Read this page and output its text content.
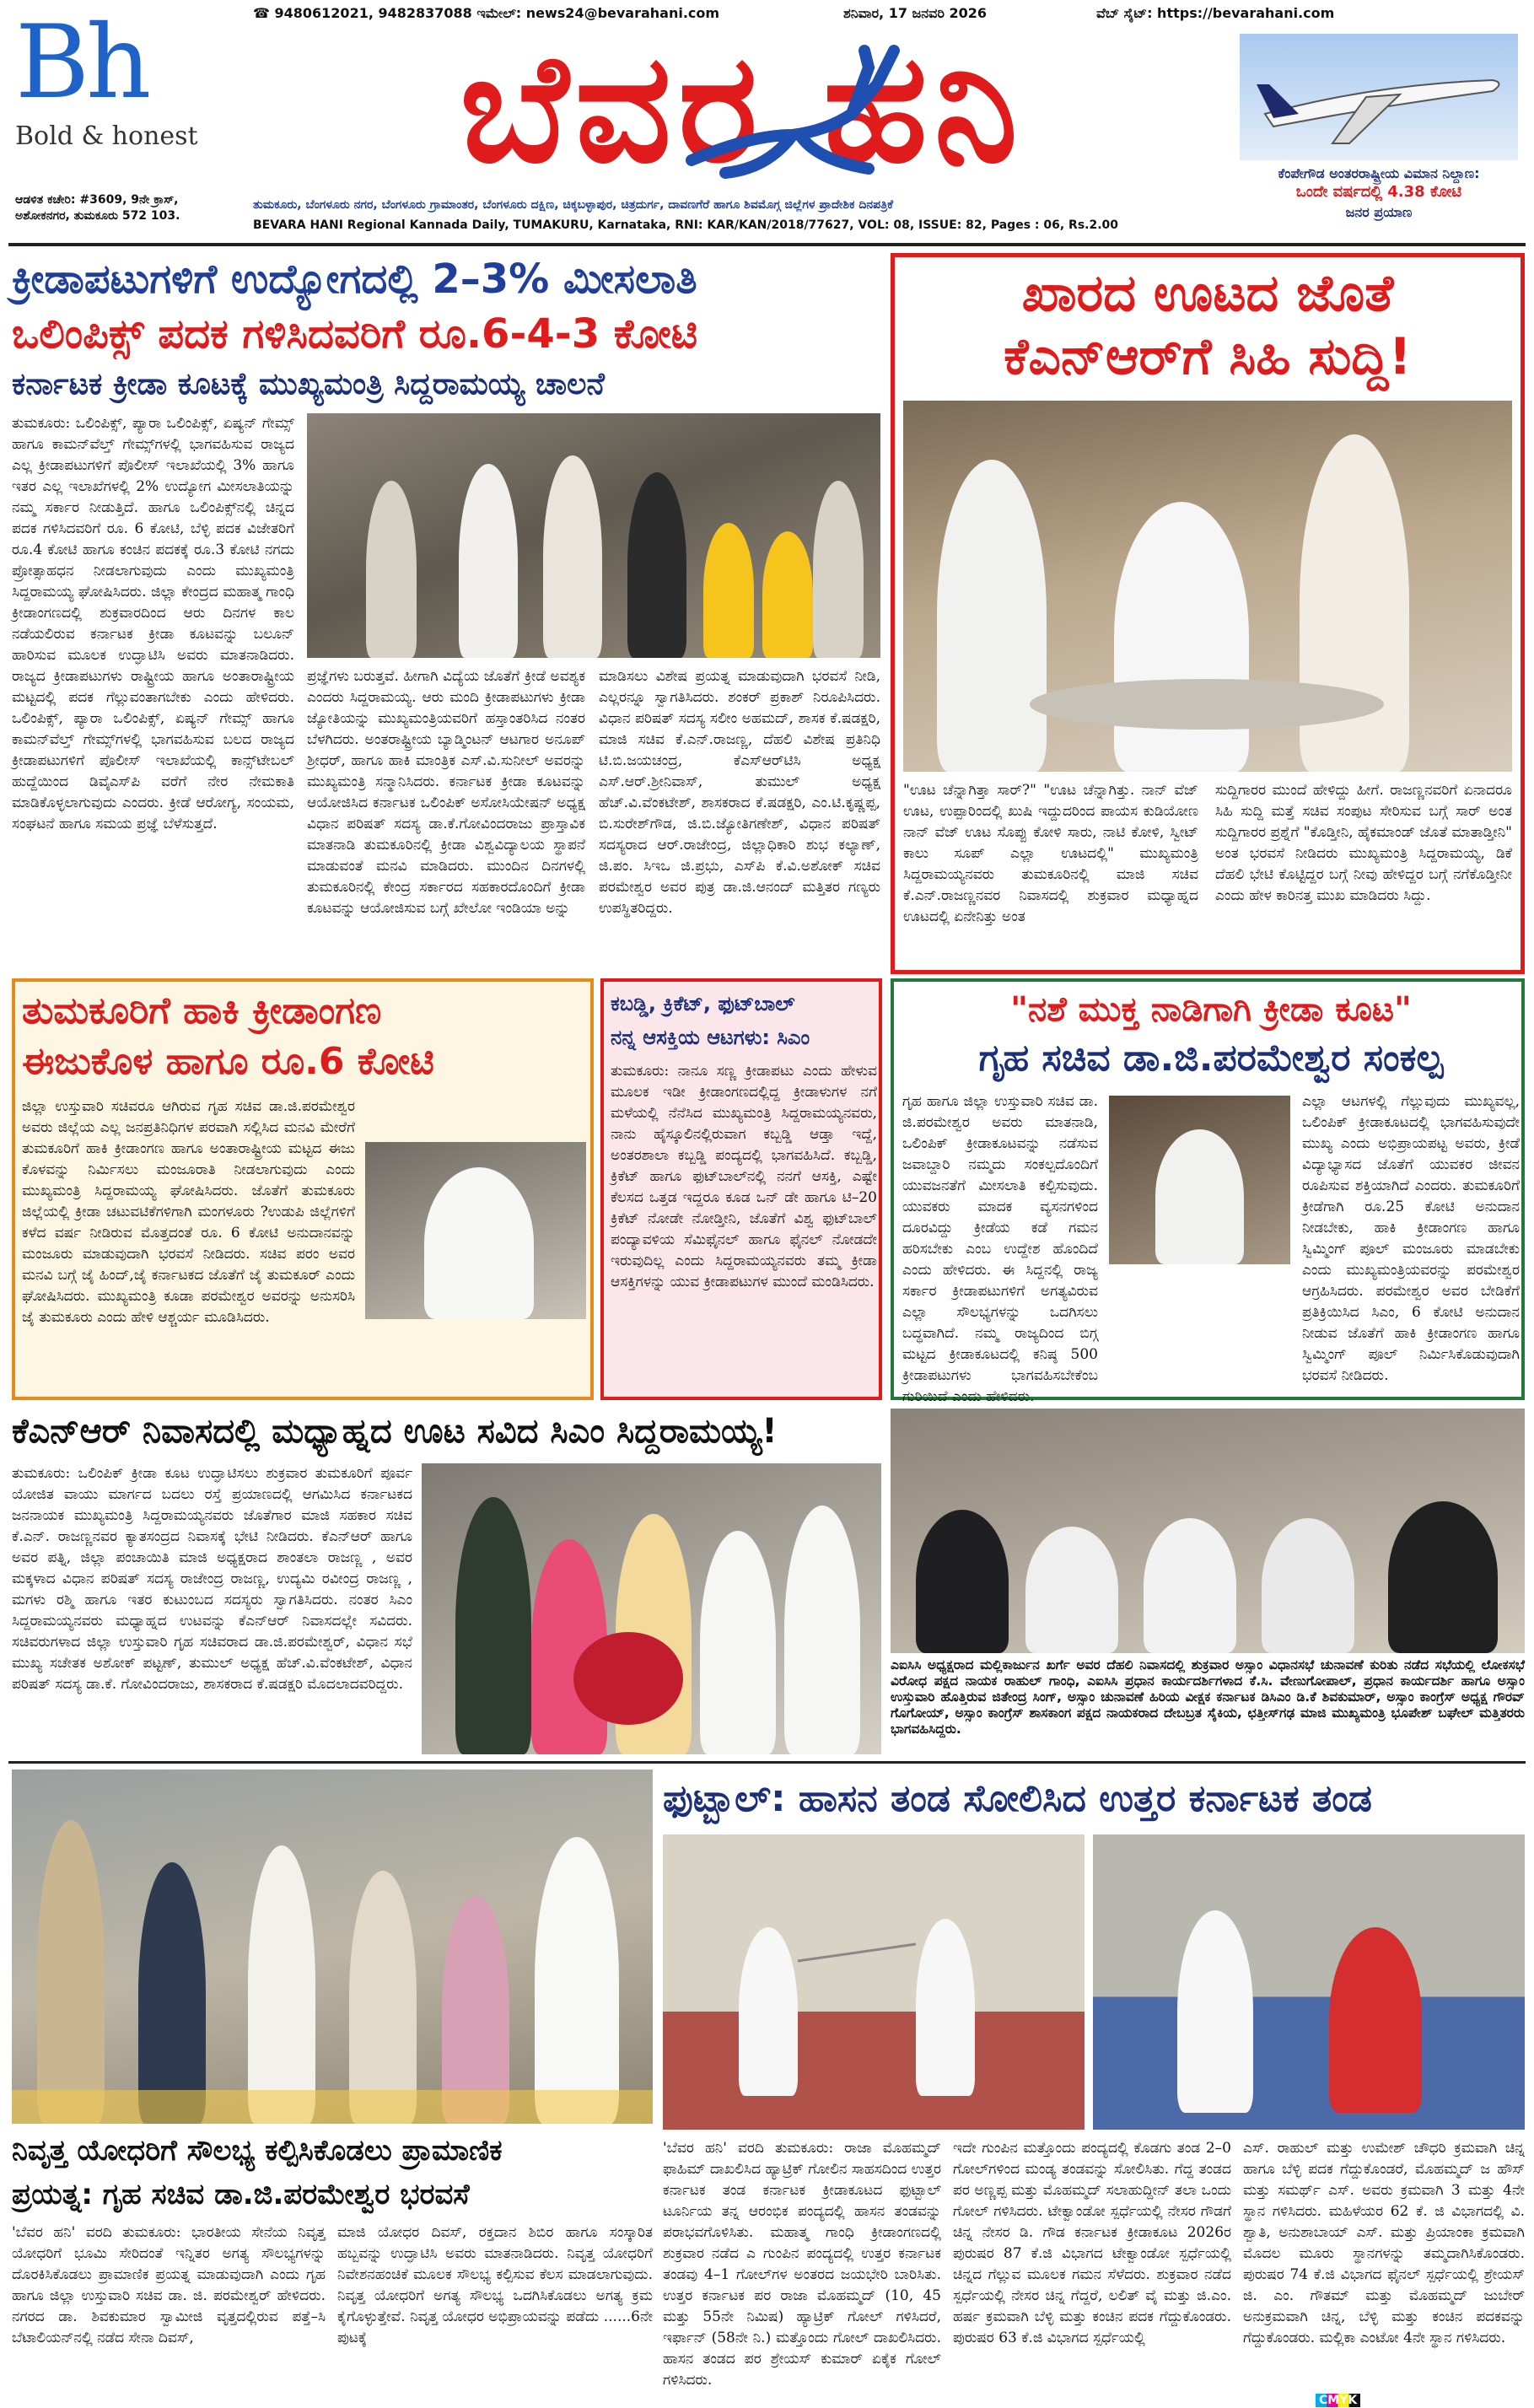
Bh
Bold & honest
☎ 9480612021, 9482837088 ಇಮೇಲ್: news24@bevarahani.com	ಶನಿವಾರ, 17 ಜನವರಿ 2026	ವೆಬ್ ಸೈಟ್: https://bevarahani.com
ಬೆವರ ಹನಿ	ಕೆಂಪೇಗೌಡ ಅಂತರರಾಷ್ಟ್ರೀಯ ವಿಮಾನ ನಿಲ್ದಾಣ:
ಒಂದೇ ವರ್ಷದಲ್ಲಿ 4.38 ಕೋಟಿ
ಜನರ ಪ್ರಯಾಣ
ಆಡಳಿತ ಕಚೇರಿ: #3609, 9ನೇ ಕ್ರಾಸ್, ಅಶೋಕನಗರ, ತುಮಕೂರು 572 103.
ತುಮಕೂರು, ಬೆಂಗಳೂರು ನಗರ, ಬೆಂಗಳೂರು ಗ್ರಾಮಾಂತರ, ಬೆಂಗಳೂರು ದಕ್ಷಿಣ, ಚಿಕ್ಕಬಳ್ಳಾಪುರ, ಚಿತ್ರದುರ್ಗ, ದಾವಣಗೆರೆ ಹಾಗೂ ಶಿವಮೊಗ್ಗ ಜಿಲ್ಲೆಗಳ ಪ್ರಾದೇಶಿಕ ದಿನಪತ್ರಿಕೆ
BEVARA HANI Regional Kannada Daily, TUMAKURU, Karnataka, RNI: KAR/KAN/2018/77627, VOL: 08, ISSUE: 82, Pages : 06, Rs.2.00
ಕ್ರೀಡಾಪಟುಗಳಿಗೆ ಉದ್ಯೋಗದಲ್ಲಿ 2–3% ಮೀಸಲಾತಿ
ಒಲಿಂಪಿಕ್ಸ್ ಪದಕ ಗಳಿಸಿದವರಿಗೆ ರೂ.6-4-3 ಕೋಟಿ
ಕರ್ನಾಟಕ ಕ್ರೀಡಾ ಕೂಟಕ್ಕೆ ಮುಖ್ಯಮಂತ್ರಿ ಸಿದ್ದರಾಮಯ್ಯ ಚಾಲನೆ
ತುಮಕೂರು: ಒಲಿಂಪಿಕ್ಸ್, ಪ್ಯಾರಾ ಒಲಿಂಪಿಕ್ಸ್, ಏಷ್ಯನ್ ಗೇಮ್ಸ್ ಹಾಗೂ ಕಾಮನ್‌ವೆಲ್ತ್ ಗೇಮ್ಸ್‌ಗಳಲ್ಲಿ ಭಾಗವಹಿಸುವ ರಾಜ್ಯದ ಎಲ್ಲ ಕ್ರೀಡಾಪಟುಗಳಿಗೆ ಪೊಲೀಸ್ ಇಲಾಖೆಯಲ್ಲಿ 3% ಹಾಗೂ ಇತರ ಎಲ್ಲ ಇಲಾಖೆಗಳಲ್ಲಿ 2% ಉದ್ಯೋಗ ಮೀಸಲಾತಿಯನ್ನು ನಮ್ಮ ಸರ್ಕಾರ ನೀಡುತ್ತಿದೆ. ಹಾಗೂ ಒಲಿಂಪಿಕ್ಸ್‌ನಲ್ಲಿ ಚಿನ್ನದ ಪದಕ ಗಳಿಸಿದವರಿಗೆ ರೂ. 6 ಕೋಟಿ, ಬೆಳ್ಳಿ ಪದಕ ವಿಜೇತರಿಗೆ ರೂ.4 ಕೋಟಿ ಹಾಗೂ ಕಂಚಿನ ಪದಕಕ್ಕೆ ರೂ.3 ಕೋಟಿ ನಗದು ಪ್ರೋತ್ಸಾಹಧನ ನೀಡಲಾಗುವುದು ಎಂದು ಮುಖ್ಯಮಂತ್ರಿ ಸಿದ್ದರಾಮಯ್ಯ ಘೋಷಿಸಿದರು. ಜಿಲ್ಲಾ ಕೇಂದ್ರದ ಮಹಾತ್ಮ ಗಾಂಧಿ ಕ್ರೀಡಾಂಗಣದಲ್ಲಿ ಶುಕ್ರವಾರದಿಂದ ಆರು ದಿನಗಳ ಕಾಲ ನಡೆಯಲಿರುವ ಕರ್ನಾಟಕ ಕ್ರೀಡಾ ಕೂಟವನ್ನು ಬಲೂನ್ ಹಾರಿಸುವ ಮೂಲಕ ಉದ್ಘಾಟಿಸಿ ಅವರು ಮಾತನಾಡಿದರು. ರಾಜ್ಯದ ಕ್ರೀಡಾಪಟುಗಳು ರಾಷ್ಟ್ರೀಯ ಹಾಗೂ ಅಂತಾರಾಷ್ಟ್ರೀಯ ಮಟ್ಟದಲ್ಲಿ ಪದಕ ಗೆಲ್ಲುವಂತಾಗಬೇಕು ಎಂದು ಹೇಳಿದರು. ಒಲಿಂಪಿಕ್ಸ್, ಪ್ಯಾರಾ ಒಲಿಂಪಿಕ್ಸ್, ಏಷ್ಯನ್ ಗೇಮ್ಸ್ ಹಾಗೂ ಕಾಮನ್‌ವೆಲ್ತ್ ಗೇಮ್ಸ್‌ಗಳಲ್ಲಿ ಭಾಗವಹಿಸುವ ಬಲದ ರಾಜ್ಯದ ಕ್ರೀಡಾಪಟುಗಳಿಗೆ ಪೊಲೀಸ್ ಇಲಾಖೆಯಲ್ಲಿ ಕಾನ್ಸ್‌ಟೇಬಲ್ ಹುದ್ದೆಯಿಂದ ಡಿವೈಎಸ್‌ಪಿ ವರೆಗೆ ನೇರ ನೇಮಕಾತಿ ಮಾಡಿಕೊಳ್ಳಲಾಗುವುದು ಎಂದರು. ಕ್ರೀಡೆ ಆರೋಗ್ಯ, ಸಂಯಮ, ಸಂಘಟನೆ ಹಾಗೂ ಸಮಯ ಪ್ರಜ್ಞೆ ಬೆಳೆಸುತ್ತದೆ.
ಪ್ರಜ್ಞೆಗಳು ಬರುತ್ತವೆ. ಹೀಗಾಗಿ ವಿದ್ಯೆಯ ಜೊತೆಗೆ ಕ್ರೀಡೆ ಅವಶ್ಯಕ ಎಂದರು ಸಿದ್ದರಾಮಯ್ಯ. ಆರು ಮಂದಿ ಕ್ರೀಡಾಪಟುಗಳು ಕ್ರೀಡಾ ಜ್ಯೋತಿಯನ್ನು ಮುಖ್ಯಮಂತ್ರಿಯವರಿಗೆ ಹಸ್ತಾಂತರಿಸಿದ ನಂತರ ಬೆಳಗಿದರು. ಅಂತರಾಷ್ಟ್ರೀಯ ಬ್ಯಾಡ್ಮಿಂಟನ್ ಆಟಗಾರ ಅನೂಪ್ ಶ್ರೀಧರ್, ಹಾಗೂ ಹಾಕಿ ಮಾಂತ್ರಿಕ ಎಸ್.ವಿ.ಸುನೀಲ್ ಅವರನ್ನು ಮುಖ್ಯಮಂತ್ರಿ ಸನ್ಮಾನಿಸಿದರು. ಕರ್ನಾಟಕ ಕ್ರೀಡಾ ಕೂಟವನ್ನು ಆಯೋಜಿಸಿದ ಕರ್ನಾಟಕ ಒಲಿಂಪಿಕ್ ಅಸೋಸಿಯೇಷನ್ ಅಧ್ಯಕ್ಷ ವಿಧಾನ ಪರಿಷತ್ ಸದಸ್ಯ ಡಾ.ಕೆ.ಗೋವಿಂದರಾಜು ಪ್ರಾಸ್ತಾವಿಕ ಮಾತನಾಡಿ ತುಮಕೂರಿನಲ್ಲಿ ಕ್ರೀಡಾ ವಿಶ್ವವಿದ್ಯಾಲಯ ಸ್ಥಾಪನೆ ಮಾಡುವಂತೆ ಮನವಿ ಮಾಡಿದರು. ಮುಂದಿನ ದಿನಗಳಲ್ಲಿ ತುಮಕೂರಿನಲ್ಲಿ ಕೇಂದ್ರ ಸರ್ಕಾರದ ಸಹಕಾರದೊಂದಿಗೆ ಕ್ರೀಡಾ ಕೂಟವನ್ನು ಆಯೋಜಿಸುವ ಬಗ್ಗೆ ಖೇಲೋ ಇಂಡಿಯಾ ಅನ್ನು
ಮಾಡಿಸಲು ವಿಶೇಷ ಪ್ರಯತ್ನ ಮಾಡುವುದಾಗಿ ಭರವಸೆ ನೀಡಿ, ಎಲ್ಲರನ್ನೂ ಸ್ವಾಗತಿಸಿದರು. ಶಂಕರ್ ಪ್ರಕಾಶ್ ನಿರೂಪಿಸಿದರು. ವಿಧಾನ ಪರಿಷತ್ ಸದಸ್ಯ ಸಲೀಂ ಅಹಮದ್, ಶಾಸಕ ಕೆ.ಷಡಕ್ಷರಿ, ಮಾಜಿ ಸಚಿವ ಕೆ.ಎನ್.ರಾಜಣ್ಣ, ದೆಹಲಿ ವಿಶೇಷ ಪ್ರತಿನಿಧಿ ಟಿ.ಬಿ.ಜಯಚಂದ್ರ, ಕೆಎಸ್‌ಆರ್‌ಟಿಸಿ ಅಧ್ಯಕ್ಷ ಎಸ್.ಆರ್.ಶ್ರೀನಿವಾಸ್, ತುಮುಲ್ ಅಧ್ಯಕ್ಷ ಹೆಚ್.ವಿ.ವೆಂಕಟೇಶ್, ಶಾಸಕರಾದ ಕೆ.ಷಡಕ್ಷರಿ, ಎಂ.ಟಿ.ಕೃಷ್ಣಪ್ಪ, ಬಿ.ಸುರೇಶ್‌ಗೌಡ, ಜಿ.ಬಿ.ಜ್ಯೋತಿಗಣೇಶ್, ವಿಧಾನ ಪರಿಷತ್ ಸದಸ್ಯರಾದ ಆರ್.ರಾಜೇಂದ್ರ, ಜಿಲ್ಲಾಧಿಕಾರಿ ಶುಭ ಕಲ್ಯಾಣ್, ಜಿ.ಪಂ. ಸಿಇಒ ಜಿ.ಪ್ರಭು, ಎಸ್‌ಪಿ ಕೆ.ವಿ.ಅಶೋಕ್ ಸಚಿವ ಪರಮೇಶ್ವರ ಅವರ ಪುತ್ರ ಡಾ.ಜಿ.ಆನಂದ್ ಮತ್ತಿತರ ಗಣ್ಯರು ಉಪಸ್ಥಿತರಿದ್ದರು.
ಖಾರದ ಊಟದ ಜೊತೆ
ಕೆಎನ್‌ಆರ್‌ಗೆ ಸಿಹಿ ಸುದ್ದಿ!
"ಊಟ ಚೆನ್ನಾಗಿತ್ತಾ ಸಾರ್?" "ಊಟ ಚೆನ್ನಾಗಿತ್ತು. ನಾನ್ ವೆಜ್ ಊಟ, ಉಪ್ಪಾರಿಂದಲ್ಲಿ ಖುಷಿ ಇದ್ದುದರಿಂದ ಪಾಯಸ ಕುಡಿಯೋಣ ನಾನ್ ವೆಜ್ ಊಟ ಸೊಪ್ಪು ಕೋಳಿ ಸಾರು, ನಾಟಿ ಕೋಳಿ, ಸ್ವೀಟ್ ಕಾಲು ಸೂಪ್ ಎಲ್ಲಾ ಊಟದಲ್ಲಿ" ಮುಖ್ಯಮಂತ್ರಿ ಸಿದ್ದರಾಮಯ್ಯನವರು ತುಮಕೂರಿನಲ್ಲಿ ಮಾಜಿ ಸಚಿವ ಕೆ.ಎನ್.ರಾಜಣ್ಣನವರ ನಿವಾಸದಲ್ಲಿ ಶುಕ್ರವಾರ ಮಧ್ಯಾಹ್ನದ ಊಟದಲ್ಲಿ ಏನೇನಿತ್ತು ಅಂತ
ಸುದ್ದಿಗಾರರ ಮುಂದೆ ಹೇಳಿದ್ದು ಹೀಗೆ. ರಾಜಣ್ಣನವರಿಗೆ ಏನಾದರೂ ಸಿಹಿ ಸುದ್ದಿ ಮತ್ತೆ ಸಚಿವ ಸಂಪುಟ ಸೇರಿಸುವ ಬಗ್ಗೆ ಸಾರ್ ಅಂತ ಸುದ್ದಿಗಾರರ ಪ್ರಶ್ನೆಗೆ "ಕೊಡ್ತೀನಿ, ಹೈಕಮಾಂಡ್ ಜೊತೆ ಮಾತಾಡ್ತೀನಿ" ಅಂತ ಭರವಸೆ ನೀಡಿದರು ಮುಖ್ಯಮಂತ್ರಿ ಸಿದ್ದರಾಮಯ್ಯ, ಡಿಕೆ ದೆಹಲಿ ಭೇಟಿ ಕೊಟ್ಟಿದ್ದರ ಬಗ್ಗೆ ನೀವು ಹೇಳಿದ್ದರ ಬಗ್ಗೆ ನಗೆಕೊಡ್ತೀನೀ ಎಂದು ಹೇಳ ಕಾರಿನತ್ತ ಮುಖ ಮಾಡಿದರು ಸಿದ್ದು.
ತುಮಕೂರಿಗೆ ಹಾಕಿ ಕ್ರೀಡಾಂಗಣ
ಈಜುಕೊಳ ಹಾಗೂ ರೂ.6 ಕೋಟಿ
ಜಿಲ್ಲಾ ಉಸ್ತುವಾರಿ ಸಚಿವರೂ ಆಗಿರುವ ಗೃಹ ಸಚಿವ ಡಾ.ಜಿ.ಪರಮೇಶ್ವರ ಅವರು ಜಿಲ್ಲೆಯ ಎಲ್ಲ ಜನಪ್ರತಿನಿಧಿಗಳ ಪರವಾಗಿ ಸಲ್ಲಿಸಿದ ಮನವಿ ಮೇರೆಗೆ ತುಮಕೂರಿಗೆ ಹಾಕಿ ಕ್ರೀಡಾಂಗಣ ಹಾಗೂ ಅಂತಾರಾಷ್ಟ್ರೀಯ ಮಟ್ಟದ ಈಜು ಕೊಳವನ್ನು ನಿರ್ಮಿಸಲು ಮಂಜೂರಾತಿ ನೀಡಲಾಗುವುದು ಎಂದು ಮುಖ್ಯಮಂತ್ರಿ ಸಿದ್ದರಾಮಯ್ಯ ಘೋಷಿಸಿದರು. ಜೊತೆಗೆ ತುಮಕೂರು ಜಿಲ್ಲೆಯಲ್ಲಿ ಕ್ರೀಡಾ ಚಟುವಟಿಕೆಗಳಿಗಾಗಿ ಮಂಗಳೂರು ?ಉಡುಪಿ ಜಿಲ್ಲೆಗಳಿಗೆ ಕಳೆದ ವರ್ಷ ನೀಡಿರುವ ಮೊತ್ತದಂತೆ ರೂ. 6 ಕೋಟಿ ಅನುದಾನವನ್ನು ಮಂಜೂರು ಮಾಡುವುದಾಗಿ ಭರವಸೆ ನೀಡಿದರು. ಸಚಿವ ಪರಂ ಅವರ ಮನವಿ ಬಗ್ಗೆ ಜೈ ಹಿಂದ್,ಜೈ ಕರ್ನಾಟಕದ ಜೊತೆಗೆ ಜೈ ತುಮಕೂರ್ ಎಂದು ಘೋಷಿಸಿದರು. ಮುಖ್ಯಮಂತ್ರಿ ಕೂಡಾ ಪರಮೇಶ್ವರ ಅವರನ್ನು ಅನುಸರಿಸಿ ಜೈ ತುಮಕೂರು ಎಂದು ಹೇಳಿ ಆಶ್ಚರ್ಯ ಮೂಡಿಸಿದರು.
ಕಬಡ್ಡಿ, ಕ್ರಿಕೆಟ್, ಫುಟ್‌ಬಾಲ್
ನನ್ನ ಆಸಕ್ತಿಯ ಆಟಗಳು: ಸಿಎಂ
ತುಮಕೂರು: ನಾನೂ ಸಣ್ಣ ಕ್ರೀಡಾಪಟು ಎಂದು ಹೇಳುವ ಮೂಲಕ ಇಡೀ ಕ್ರೀಡಾಂಗಣದಲ್ಲಿದ್ದ ಕ್ರೀಡಾಳುಗಳ ನಗೆ ಮಳೆಯಲ್ಲಿ ನೆನೆಸಿದ ಮುಖ್ಯಮಂತ್ರಿ ಸಿದ್ದರಾಮಯ್ಯನವರು, ನಾನು ಹೈಸ್ಕೂಲಿನಲ್ಲಿರುವಾಗ ಕಬ್ಬಡ್ಡಿ ಆಡ್ತಾ ಇದ್ದೆ, ಅಂತರಶಾಲಾ ಕಬ್ಬಡ್ಡಿ ಪಂದ್ಯದಲ್ಲಿ ಭಾಗವಹಿಸಿದೆ. ಕಬ್ಬಡ್ಡಿ, ಕ್ರಿಕೆಟ್ ಹಾಗೂ ಫುಟ್‌ಬಾಲ್‌ನಲ್ಲಿ ನನಗೆ ಆಸಕ್ತಿ, ಎಷ್ಟೇ ಕೆಲಸದ ಒತ್ತಡ ಇದ್ದರೂ ಕೂಡ ಒನ್ ಡೇ ಹಾಗೂ ಟಿ–20 ಕ್ರಿಕೆಟ್ ನೋಡೇ ನೋಡ್ತೀನಿ, ಜೊತೆಗೆ ವಿಶ್ವ ಫುಟ್‌ಬಾಲ್ ಪಂದ್ಯಾವಳಿಯ ಸೆಮಿಫೈನಲ್ ಹಾಗೂ ಫೈನಲ್ ನೋಡದೇ ಇರುವುದಿಲ್ಲ ಎಂದು ಸಿದ್ದರಾಮಯ್ಯನವರು ತಮ್ಮ ಕ್ರೀಡಾ ಆಸಕ್ತಿಗಳನ್ನು ಯುವ ಕ್ರೀಡಾಪಟುಗಳ ಮುಂದೆ ಮಂಡಿಸಿದರು.
"ನಶೆ ಮುಕ್ತ ನಾಡಿಗಾಗಿ ಕ್ರೀಡಾ ಕೂಟ"
ಗೃಹ ಸಚಿವ ಡಾ.ಜಿ.ಪರಮೇಶ್ವರ ಸಂಕಲ್ಪ
ಗೃಹ ಹಾಗೂ ಜಿಲ್ಲಾ ಉಸ್ತುವಾರಿ ಸಚಿವ ಡಾ. ಜಿ.ಪರಮೇಶ್ವರ ಅವರು ಮಾತನಾಡಿ, ಒಲಿಂಪಿಕ್ ಕ್ರೀಡಾಕೂಟವನ್ನು ನಡೆಸುವ ಜವಾಬ್ದಾರಿ ನಮ್ಮದು ಸಂಕಲ್ಪದೊಂದಿಗೆ ಯುವಜನತೆಗೆ ಮೀಸಲಾತಿ ಕಲ್ಪಿಸುವುದು. ಯುವಕರು ಮಾದಕ ವ್ಯಸನಗಳಿಂದ ದೂರವಿದ್ದು ಕ್ರೀಡೆಯ ಕಡೆ ಗಮನ ಹರಿಸಬೇಕು ಎಂಬ ಉದ್ದೇಶ ಹೊಂದಿದೆ ಎಂದು ಹೇಳಿದರು. ಈ ಸಿದ್ದನಲ್ಲಿ ರಾಜ್ಯ ಸರ್ಕಾರ ಕ್ರೀಡಾಪಟುಗಳಿಗೆ ಅಗತ್ಯವಿರುವ ಎಲ್ಲಾ ಸೌಲಭ್ಯಗಳನ್ನು ಒದಗಿಸಲು ಬದ್ಧವಾಗಿದೆ. ನಮ್ಮ ರಾಜ್ಯದಿಂದ ಬಿಗ್ಗ ಮಟ್ಟದ ಕ್ರೀಡಾಕೂಟದಲ್ಲಿ ಕನಿಷ್ಠ 500 ಕ್ರೀಡಾಪಟುಗಳು ಭಾಗವಹಿಸಬೇಕೆಂಬ ಗುರಿಯಿದೆ ಎಂದು ಹೇಳಿದರು.
ಎಲ್ಲಾ ಆಟಗಳಲ್ಲಿ ಗೆಲ್ಲುವುದು ಮುಖ್ಯವಲ್ಲ, ಒಲಿಂಪಿಕ್ ಕ್ರೀಡಾಕೂಟದಲ್ಲಿ ಭಾಗವಹಿಸುವುದೇ ಮುಖ್ಯ ಎಂದು ಅಭಿಪ್ರಾಯಪಟ್ಟ ಅವರು, ಕ್ರೀಡೆ ವಿದ್ಯಾಭ್ಯಾಸದ ಜೊತೆಗೆ ಯುವಕರ ಜೀವನ ರೂಪಿಸುವ ಶಕ್ತಿಯಾಗಿದೆ ಎಂದರು. ತುಮಕೂರಿಗೆ ಕ್ರೀಡೆಗಾಗಿ ರೂ.25 ಕೋಟಿ ಅನುದಾನ ನೀಡಬೇಕು, ಹಾಕಿ ಕ್ರೀಡಾಂಗಣ ಹಾಗೂ ಸ್ವಿಮ್ಮಿಂಗ್ ಪೂಲ್ ಮಂಜೂರು ಮಾಡಬೇಕು ಎಂದು ಮುಖ್ಯಮಂತ್ರಿಯವರನ್ನು ಪರಮೇಶ್ವರ ಆಗ್ರಹಿಸಿದರು. ಪರಮೇಶ್ವರ ಅವರ ಬೇಡಿಕೆಗೆ ಪ್ರತಿಕ್ರಿಯಿಸಿದ ಸಿಎಂ, 6 ಕೋಟಿ ಅನುದಾನ ನೀಡುವ ಜೊತೆಗೆ ಹಾಕಿ ಕ್ರೀಡಾಂಗಣ ಹಾಗೂ ಸ್ವಿಮ್ಮಿಂಗ್ ಪೂಲ್ ನಿರ್ಮಿಸಿಕೊಡುವುದಾಗಿ ಭರವಸೆ ನೀಡಿದರು.
ಕೆಎನ್‌ಆರ್ ನಿವಾಸದಲ್ಲಿ ಮಧ್ಯಾಹ್ನದ ಊಟ ಸವಿದ ಸಿಎಂ ಸಿದ್ದರಾಮಯ್ಯ!
ತುಮಕೂರು: ಒಲಿಂಪಿಕ್ ಕ್ರೀಡಾ ಕೂಟ ಉದ್ಘಾಟಿಸಲು ಶುಕ್ರವಾರ ತುಮಕೂರಿಗೆ ಪೂರ್ವ ಯೋಜಿತ ವಾಯು ಮಾರ್ಗದ ಬದಲು ರಸ್ತೆ ಪ್ರಯಾಣದಲ್ಲಿ ಆಗಮಿಸಿದ ಕರ್ನಾಟಕದ ಜನನಾಯಕ ಮುಖ್ಯಮಂತ್ರಿ ಸಿದ್ದರಾಮಯ್ಯನವರು ಜೊತೆಗಾರ ಮಾಜಿ ಸಹಕಾರ ಸಚಿವ ಕೆ.ಎನ್. ರಾಜಣ್ಣನವರ ಕ್ಯಾತಸಂದ್ರದ ನಿವಾಸಕ್ಕೆ ಭೇಟಿ ನೀಡಿದರು. ಕೆಎನ್‌ಆರ್ ಹಾಗೂ ಅವರ ಪತ್ನಿ, ಜಿಲ್ಲಾ ಪಂಚಾಯಿತಿ ಮಾಜಿ ಅಧ್ಯಕ್ಷರಾದ ಶಾಂತಲಾ ರಾಜಣ್ಣ , ಅವರ ಮಕ್ಕಳಾದ ವಿಧಾನ ಪರಿಷತ್ ಸದಸ್ಯ ರಾಜೇಂದ್ರ ರಾಜಣ್ಣ, ಉದ್ಯಮಿ ರವೀಂದ್ರ ರಾಜಣ್ಣ , ಮಗಳು ರಶ್ಮಿ ಹಾಗೂ ಇತರ ಕುಟುಂಬದ ಸದಸ್ಯರು ಸ್ವಾಗತಿಸಿದರು. ನಂತರ ಸಿಎಂ ಸಿದ್ದರಾಮಯ್ಯನವರು ಮಧ್ಯಾಹ್ನದ ಉಟವನ್ನು ಕೆಎನ್‌ಆರ್ ನಿವಾಸದಲ್ಲೇ ಸವಿದರು. ಸಚಿವರುಗಳಾದ ಜಿಲ್ಲಾ ಉಸ್ತುವಾರಿ ಗೃಹ ಸಚಿವರಾದ ಡಾ.ಜಿ.ಪರಮೇಶ್ವರ್, ವಿಧಾನ ಸಭೆ ಮುಖ್ಯ ಸಚೇತಕ ಅಶೋಕ್ ಪಟ್ಟಣ್, ತುಮುಲ್ ಅಧ್ಯಕ್ಷ ಹೆಚ್.ವಿ.ವೆಂಕಟೇಶ್, ವಿಧಾನ ಪರಿಷತ್ ಸದಸ್ಯ ಡಾ.ಕೆ. ಗೋವಿಂದರಾಜು, ಶಾಸಕರಾದ ಕೆ.ಷಡಕ್ಷರಿ ಮೊದಲಾದವರಿದ್ದರು.
ಎಐಸಿಸಿ ಅಧ್ಯಕ್ಷರಾದ ಮಲ್ಲಿಕಾರ್ಜುನ ಖರ್ಗೆ ಅವರ ದೆಹಲಿ ನಿವಾಸದಲ್ಲಿ ಶುಕ್ರವಾರ ಅಸ್ಸಾಂ ವಿಧಾನಸಭೆ ಚುನಾವಣೆ ಕುರಿತು ನಡೆದ ಸಭೆಯಲ್ಲಿ ಲೋಕಸಭೆ ವಿರೋಧ ಪಕ್ಷದ ನಾಯಕ ರಾಹುಲ್ ಗಾಂಧಿ, ಎಐಸಿಸಿ ಪ್ರಧಾನ ಕಾರ್ಯದರ್ಶಿಗಳಾದ ಕೆ.ಸಿ. ವೇಣುಗೋಪಾಲ್, ಪ್ರಧಾನ ಕಾರ್ಯದರ್ಶಿ ಹಾಗೂ ಅಸ್ಸಾಂ ಉಸ್ತುವಾರಿ ಹೊತ್ತಿರುವ ಜಿತೇಂದ್ರ ಸಿಂಗ್, ಅಸ್ಸಾಂ ಚುನಾವಣೆ ಹಿರಿಯ ವೀಕ್ಷಕ ಕರ್ನಾಟಕ ಡಿಸಿಎಂ ಡಿ.ಕೆ ಶಿವಕುಮಾರ್, ಅಸ್ಸಾಂ ಕಾಂಗ್ರೆಸ್ ಅಧ್ಯಕ್ಷ ಗೌರವ್ ಗೊಗೋಯ್, ಅಸ್ಸಾಂ ಕಾಂಗ್ರೆಸ್ ಶಾಸಕಾಂಗ ಪಕ್ಷದ ನಾಯಕರಾದ ದೇಬಬ್ರತ ಸೈಕಿಯ, ಛತ್ತೀಸ್‌ಗಢ ಮಾಜಿ ಮುಖ್ಯಮಂತ್ರಿ ಭೂಪೇಶ್ ಬಘೇಲ್ ಮತ್ತಿತರರು ಭಾಗವಹಿಸಿದ್ದರು.
ನಿವೃತ್ತ ಯೋಧರಿಗೆ ಸೌಲಭ್ಯ ಕಲ್ಪಿಸಿಕೊಡಲು ಪ್ರಾಮಾಣಿಕ
ಪ್ರಯತ್ನ: ಗೃಹ ಸಚಿವ ಡಾ.ಜಿ.ಪರಮೇಶ್ವರ ಭರವಸೆ
'ಬೆವರ ಹನಿ' ವರದಿ ತುಮಕೂರು: ಭಾರತೀಯ ಸೇನೆಯ ನಿವೃತ್ತ ಯೋಧರಿಗೆ ಭೂಮಿ ಸೇರಿದಂತೆ ಇನ್ನಿತರ ಅಗತ್ಯ ಸೌಲಭ್ಯಗಳನ್ನು ದೊರಕಿಸಿಕೊಡಲು ಪ್ರಾಮಾಣಿಕ ಪ್ರಯತ್ನ ಮಾಡುವುದಾಗಿ ಎಂದು ಗೃಹ ಹಾಗೂ ಜಿಲ್ಲಾ ಉಸ್ತುವಾರಿ ಸಚಿವ ಡಾ. ಜಿ. ಪರಮೇಶ್ವರ್ ಹೇಳಿದರು. ನಗರದ ಡಾ. ಶಿವಕುಮಾರ ಸ್ವಾಮೀಜಿ ವೃತ್ತದಲ್ಲಿರುವ ಪತ್ತೆ–ಸಿ ಬೆಟಾಲಿಯನ್‌ನಲ್ಲಿ ನಡೆದ ಸೇನಾ ದಿವಸ್,
ಮಾಜಿ ಯೋಧರ ದಿವಸ್, ರಕ್ತದಾನ ಶಿಬಿರ ಹಾಗೂ ಸಂಸ್ಕಾರಿತ ಹಬ್ಬವನ್ನು ಉದ್ಘಾಟಿಸಿ ಅವರು ಮಾತನಾಡಿದರು. ನಿವೃತ್ತ ಯೋಧರಿಗೆ ನಿವೇಶನಹಂಚಿಕೆ ಮೂಲಕ ಸೌಲಭ್ಯ ಕಲ್ಪಿಸುವ ಕೆಲಸ ಮಾಡಲಾಗುವುದು. ನಿವೃತ್ತ ಯೋಧರಿಗೆ ಅಗತ್ಯ ಸೌಲಭ್ಯ ಒದಗಿಸಿಕೊಡಲು ಅಗತ್ಯ ಕ್ರಮ ಕೈಗೊಳ್ಳುತ್ತೇವೆ. ನಿವೃತ್ತ ಯೋಧರ ಅಭಿಪ್ರಾಯವನ್ನು ಪಡೆದು ......6ನೇ ಪುಟಕ್ಕೆ
ಫುಟ್ಬಾಲ್: ಹಾಸನ ತಂಡ ಸೋಲಿಸಿದ ಉತ್ತರ ಕರ್ನಾಟಕ ತಂಡ
'ಬೆವರ ಹನಿ' ವರದಿ ತುಮಕೂರು: ರಾಜಾ ಮೊಹಮ್ಮದ್ ಫಾಹಿಮ್ ದಾಖಲಿಸಿದ ಹ್ಯಾಟ್ರಿಕ್ ಗೋಲಿನ ಸಾಹಸದಿಂದ ಉತ್ತರ ಕರ್ನಾಟಕ ತಂಡ ಕರ್ನಾಟಕ ಕ್ರೀಡಾಕೂಟದ ಫುಟ್ಬಾಲ್ ಟೂರ್ನಿಯ ತನ್ನ ಆರಂಭಿಕ ಪಂದ್ಯದಲ್ಲಿ ಹಾಸನ ತಂಡವನ್ನು ಪರಾಭವಗೊಳಿಸಿತು. ಮಹಾತ್ಮ ಗಾಂಧಿ ಕ್ರೀಡಾಂಗಣದಲ್ಲಿ ಶುಕ್ರವಾರ ನಡೆದ ಎ ಗುಂಪಿನ ಪಂದ್ಯದಲ್ಲಿ ಉತ್ತರ ಕರ್ನಾಟಕ ತಂಡವು 4–1 ಗೋಲ್‌ಗಳ ಅಂತರದ ಜಯಭೇರಿ ಬಾರಿಸಿತು. ಉತ್ತರ ಕರ್ನಾಟಕ ಪರ ರಾಜಾ ಮೊಹಮ್ಮದ್ (10, 45 ಮತ್ತು 55ನೇ ನಿಮಿಷ) ಹ್ಯಾಟ್ರಿಕ್ ಗೋಲ್ ಗಳಿಸಿದರೆ, ಇರ್ಫಾನ್ (58ನೇ ನಿ.) ಮತ್ತೊಂದು ಗೋಲ್ ದಾಖಲಿಸಿದರು. ಹಾಸನ ತಂಡದ ಪರ ಶ್ರೇಯಸ್ ಕುಮಾರ್ ಏಕೈಕ ಗೋಲ್ ಗಳಿಸಿದರು.
ಇದೇ ಗುಂಪಿನ ಮತ್ತೊಂದು ಪಂದ್ಯದಲ್ಲಿ ಕೊಡಗು ತಂಡ 2–0 ಗೋಲ್‌ಗಳಿಂದ ಮಂಡ್ಯ ತಂಡವನ್ನು ಸೋಲಿಸಿತು. ಗೆದ್ದ ತಂಡದ ಪರ ಅಣ್ಣಪ್ಪ ಮತ್ತು ಮೊಹಮ್ಮದ್ ಸಲಾಹುದ್ದೀನ್ ತಲಾ ಒಂದು ಗೋಲ್ ಗಳಿಸಿದರು. ಟೇಕ್ವಾಂಡೋ ಸ್ಪರ್ಧೆಯಲ್ಲಿ ನೇಸರ ಗೌಡಗೆ ಚಿನ್ನ ನೇಸರ ಡಿ. ಗೌಡ ಕರ್ನಾಟಕ ಕ್ರೀಡಾಕೂಟ 2026ರ ಪುರುಷರ 87 ಕೆ.ಜಿ ವಿಭಾಗದ ಟೇಕ್ವಾಂಡೋ ಸ್ಪರ್ಧೆಯಲ್ಲಿ ಚಿನ್ನದ ಗೆಲ್ಲುವ ಮೂಲಕ ಗಮನ ಸೆಳೆದರು. ಶುಕ್ರವಾರ ನಡೆದ ಸ್ಪರ್ಧೆಯಲ್ಲಿ ನೇಸರ ಚಿನ್ನ ಗೆದ್ದರೆ, ಲಲಿತ್ ವೈ ಮತ್ತು ಜಿ.ಎಂ. ಹರ್ಷ ಕ್ರಮವಾಗಿ ಬೆಳ್ಳಿ ಮತ್ತು ಕಂಚಿನ ಪದಕ ಗೆದ್ದುಕೊಂಡರು. ಪುರುಷರ 63 ಕೆ.ಜಿ ವಿಭಾಗದ ಸ್ಪರ್ಧೆಯಲ್ಲಿ
ಎಸ್. ರಾಹುಲ್ ಮತ್ತು ಉಮೇಶ್ ಚೌಧರಿ ಕ್ರಮವಾಗಿ ಚಿನ್ನ ಹಾಗೂ ಬೆಳ್ಳಿ ಪದಕ ಗೆದ್ದುಕೊಂಡರೆ, ಮೊಹಮ್ಮದ್ ಜ ಹೌಸ್ ಮತ್ತು ಸಮರ್ಥ್ ಎಸ್. ಅವರು ಕ್ರಮವಾಗಿ 3 ಮತ್ತು 4ನೇ ಸ್ಥಾನ ಗಳಿಸಿದರು. ಮಹಿಳೆಯರ 62 ಕೆ. ಜಿ ವಿಭಾಗದಲ್ಲಿ ವಿ. ಶ್ವಾತಿ, ಅನುಶಾಬಾಯ್ ಎಸ್. ಮತ್ತು ಪ್ರಿಯಾಂಕಾ ಕ್ರಮವಾಗಿ ಮೊದಲ ಮೂರು ಸ್ಥಾನಗಳನ್ನು ತಮ್ಮದಾಗಿಸಿಕೊಂಡರು. ಪುರುಷರ 74 ಕೆ.ಜಿ ವಿಭಾಗದ ಫೈನಲ್ ಸ್ಪರ್ಧೆಯಲ್ಲಿ ಶ್ರೇಯಸ್ ಜಿ. ಎಂ. ಗೌತಮ್ ಮತ್ತು ಮೊಹಮ್ಮದ್ ಜುಬೇರ್ ಅನುಕ್ರಮವಾಗಿ ಚಿನ್ನ, ಬೆಳ್ಳಿ ಮತ್ತು ಕಂಚಿನ ಪದಕವನ್ನು ಗೆದ್ದುಕೊಂಡರು. ಮಲ್ಲಿಕಾ ಎಂಟೋ 4ನೇ ಸ್ಥಾನ ಗಳಿಸಿದರು.
CMYK
